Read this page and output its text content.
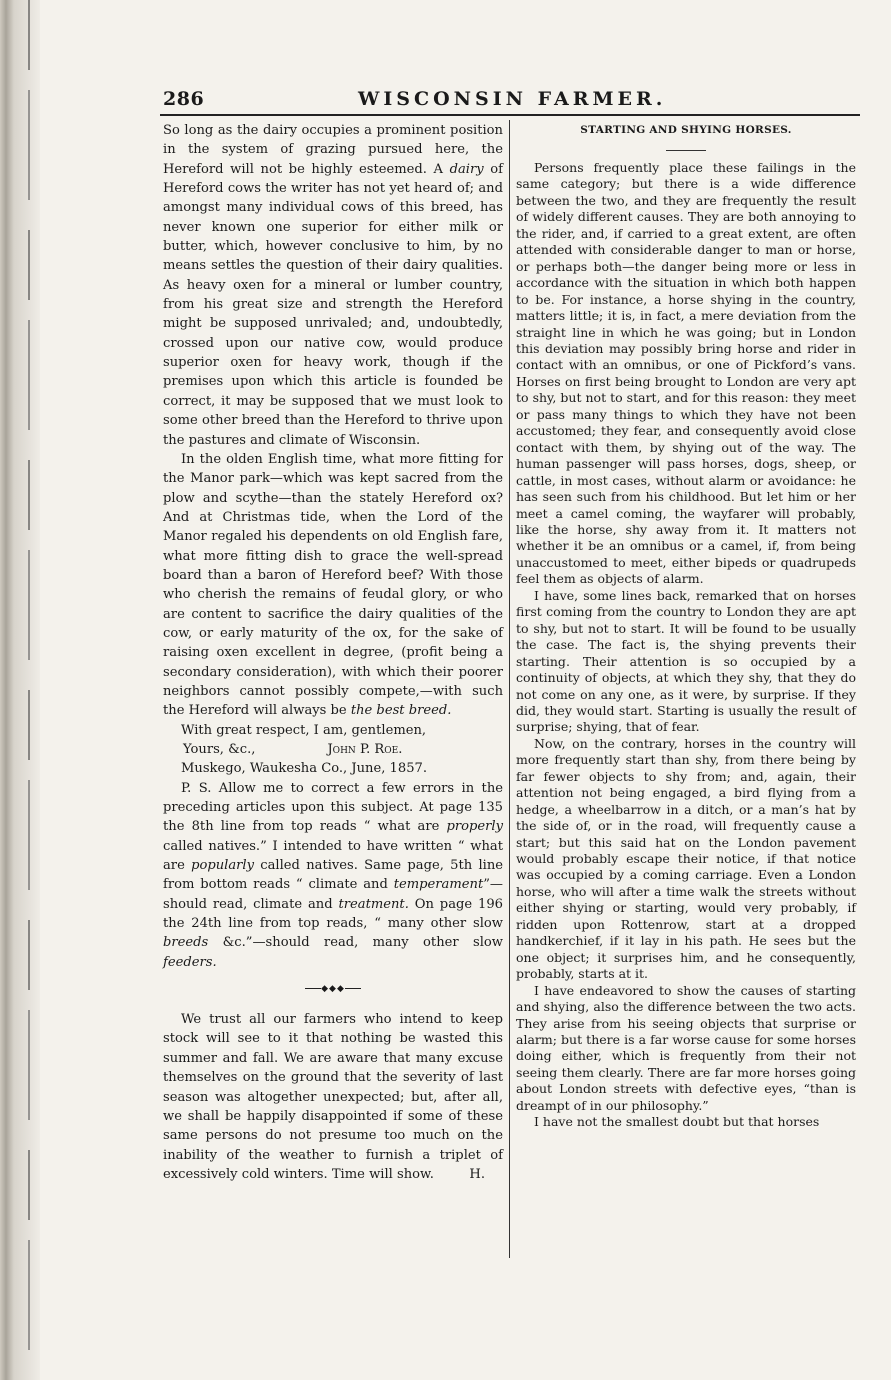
286	WISCONSIN FARMER.

So long as the dairy occupies a prominent position in the system of grazing pursued here, the Hereford will not be highly esteemed. A dairy of Hereford cows the writer has not yet heard of; and amongst many individual cows of this breed, has never known one superior for either milk or butter, which, however conclusive to him, by no means settles the question of their dairy qualities. As heavy oxen for a mineral or lumber country, from his great size and strength the Hereford might be supposed unrivaled; and, undoubtedly, crossed upon our native cow, would produce superior oxen for heavy work, though if the premises upon which this article is founded be correct, it may be supposed that we must look to some other breed than the Hereford to thrive upon the pastures and climate of Wisconsin.

In the olden English time, what more fitting for the Manor park—which was kept sacred from the plow and scythe—than the stately Hereford ox? And at Christmas tide, when the Lord of the Manor regaled his dependents on old English fare, what more fitting dish to grace the well-spread board than a baron of Hereford beef? With those who cherish the remains of feudal glory, or who are content to sacrifice the dairy qualities of the cow, or early maturity of the ox, for the sake of raising oxen excellent in degree, (profit being a secondary consideration), with which their poorer neighbors cannot possibly compete,—with such the Hereford will always be the best breed.

With great respect, I am, gentlemen,

Yours, &c.,	John P. Roe.

Muskego, Waukesha Co., June, 1857.

P. S. Allow me to correct a few errors in the preceding articles upon this subject. At page 135 the 8th line from top reads “ what are properly called natives.” I intended to have written “ what are popularly called natives. Same page, 5th line from bottom reads “ climate and temperament”—should read, climate and treatment. On page 196 the 24th line from top reads, “ many other slow breeds &c.”—should read, many other slow feeders.

◆◆◆

We trust all our farmers who intend to keep stock will see to it that nothing be wasted this summer and fall. We are aware that many excuse themselves on the ground that the severity of last season was altogether unexpected; but, after all, we shall be happily disappointed if some of these same persons do not presume too much on the inability of the weather to furnish a triplet of excessively cold winters. Time will show.	H.

STARTING AND SHYING HORSES.

Persons frequently place these failings in the same category; but there is a wide difference between the two, and they are frequently the result of widely different causes. They are both annoying to the rider, and, if carried to a great extent, are often attended with considerable danger to man or horse, or perhaps both—the danger being more or less in accordance with the situation in which both happen to be. For instance, a horse shying in the country, matters little; it is, in fact, a mere deviation from the straight line in which he was going; but in London this deviation may possibly bring horse and rider in contact with an omnibus, or one of Pickford’s vans. Horses on first being brought to London are very apt to shy, but not to start, and for this reason: they meet or pass many things to which they have not been accustomed; they fear, and consequently avoid close contact with them, by shying out of the way. The human passenger will pass horses, dogs, sheep, or cattle, in most cases, without alarm or avoidance: he has seen such from his childhood. But let him or her meet a camel coming, the wayfarer will probably, like the horse, shy away from it. It matters not whether it be an omnibus or a camel, if, from being unaccustomed to meet, either bipeds or quadrupeds feel them as objects of alarm.

I have, some lines back, remarked that on horses first coming from the country to London they are apt to shy, but not to start. It will be found to be usually the case. The fact is, the shying prevents their starting. Their attention is so occupied by a continuity of objects, at which they shy, that they do not come on any one, as it were, by surprise. If they did, they would start. Starting is usually the result of surprise; shying, that of fear.

Now, on the contrary, horses in the country will more frequently start than shy, from there being by far fewer objects to shy from; and, again, their attention not being engaged, a bird flying from a hedge, a wheelbarrow in a ditch, or a man’s hat by the side of, or in the road, will frequently cause a start; but this said hat on the London pavement would probably escape their notice, if that notice was occupied by a coming carriage. Even a London horse, who will after a time walk the streets without either shying or starting, would very probably, if ridden upon Rottenrow, start at a dropped handkerchief, if it lay in his path. He sees but the one object; it surprises him, and he consequently, probably, starts at it.

I have endeavored to show the causes of starting and shying, also the difference between the two acts. They arise from his seeing objects that surprise or alarm; but there is a far worse cause for some horses doing either, which is frequently from their not seeing them clearly. There are far more horses going about London streets with defective eyes, “than is dreampt of in our philosophy.”

I have not the smallest doubt but that horses
